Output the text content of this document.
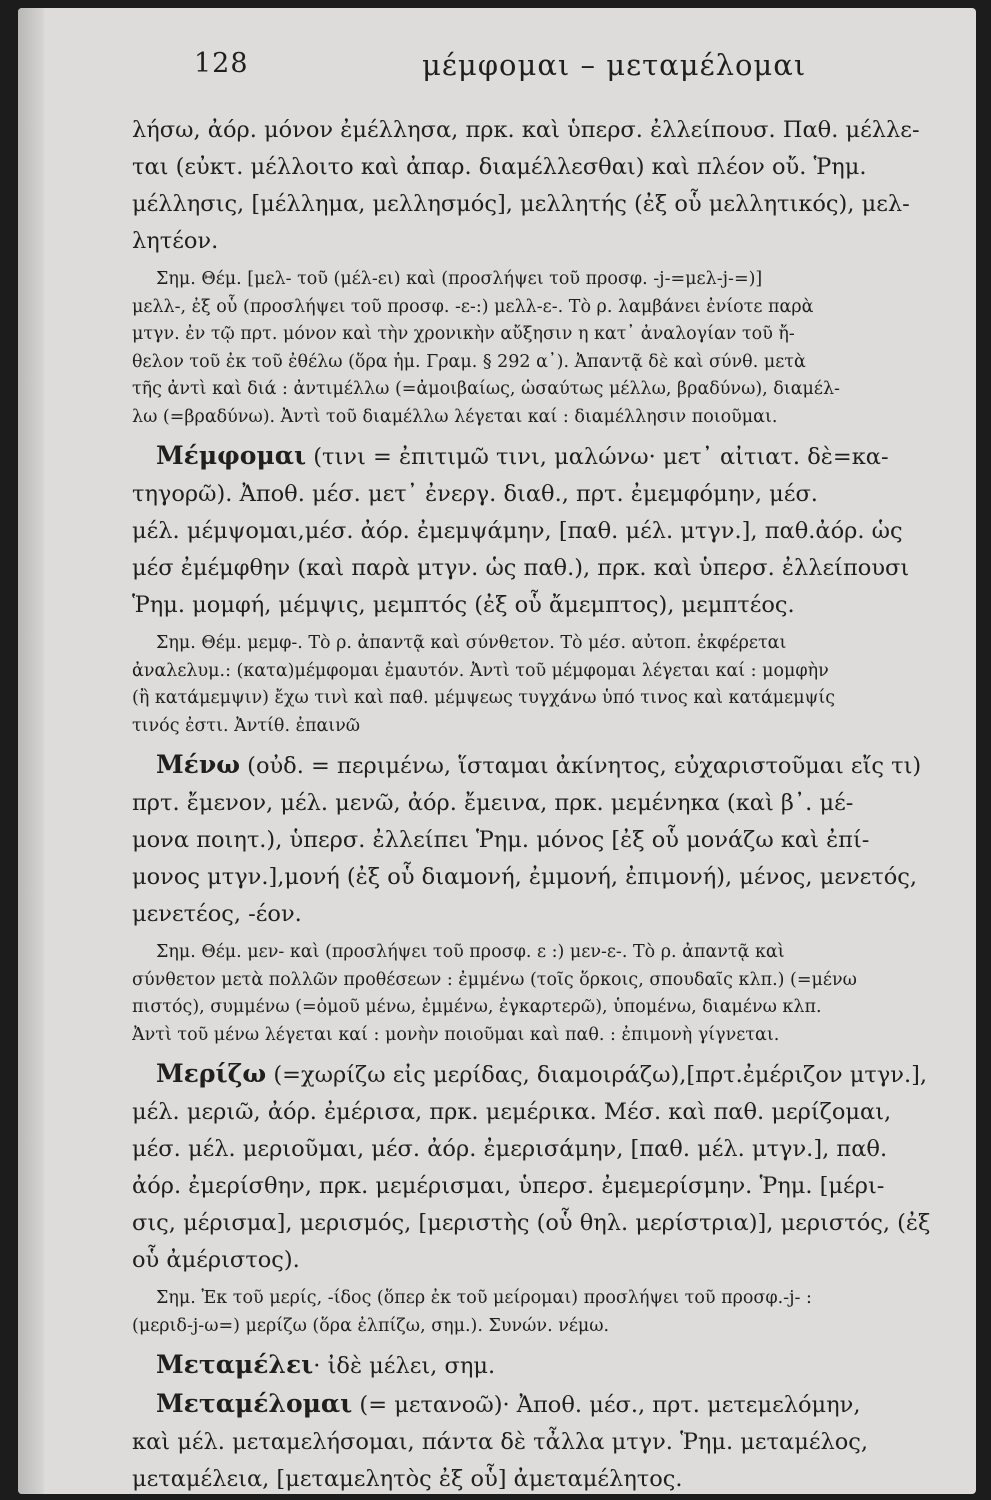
128	μέμφομαι – μεταμέλομαι
λήσω, ἀόρ. μόνον ἐμέλλησα, πρκ. καὶ ὑπερσ. ἐλλείπουσ. Παθ. μέλλε-
ται (εὐκτ. μέλλοιτο καὶ ἀπαρ. διαμέλλεσθαι) καὶ πλέον οὔ. Ῥημ.
μέλλησις, [μέλλημα, μελλησμός], μελλητής (ἐξ οὗ μελλητικός), μελ-
λητέον.
Σημ. Θέμ. [μελ- τοῦ (μέλ-ει) καὶ (προσλήψει τοῦ προσφ. -j-=μελ-j-=)]
μελλ-, ἐξ οὗ (προσλήψει τοῦ προσφ. -ε-:) μελλ-ε-. Τὸ ρ. λαμβάνει ἐνίοτε παρὰ
μτγν. ἐν τῷ πρτ. μόνον καὶ τὴν χρονικὴν αὔξησιν η κατ᾽ ἀναλογίαν τοῦ ἤ-
θελον τοῦ ἐκ τοῦ ἐθέλω (ὅρα ἡμ. Γραμ. § 292 α᾽). Ἀπαντᾷ δὲ καὶ σύνθ. μετὰ
τῆς ἀντὶ καὶ διά : ἀντιμέλλω (=ἀμοιβαίως, ὡσαύτως μέλλω, βραδύνω), διαμέλ-
λω (=βραδύνω). Ἀντὶ τοῦ διαμέλλω λέγεται καί : διαμέλλησιν ποιοῦμαι.
Μέμφομαι (τινι = ἐπιτιμῶ τινι, μαλώνω· μετ᾽ αἰτιατ. δὲ=κα-
τηγορῶ). Ἀποθ. μέσ. μετ᾽ ἐνεργ. διαθ., πρτ. ἐμεμφόμην, μέσ.
μέλ. μέμψομαι,μέσ. ἀόρ. ἐμεμψάμην, [παθ. μέλ. μτγν.], παθ.ἀόρ. ὡς
μέσ ἐμέμφθην (καὶ παρὰ μτγν. ὡς παθ.), πρκ. καὶ ὑπερσ. ἐλλείπουσι
Ῥημ. μομφή, μέμψις, μεμπτός (ἐξ οὗ ἄμεμπτος), μεμπτέος.
Σημ. Θέμ. μεμφ-. Τὸ ρ. ἀπαντᾷ καὶ σύνθετον. Τὸ μέσ. αὐτοπ. ἐκφέρεται
ἀναλελυμ.: (κατα)μέμφομαι ἐμαυτόν. Ἀντὶ τοῦ μέμφομαι λέγεται καί : μομφὴν
(ἢ κατάμεμψιν) ἔχω τινὶ καὶ παθ. μέμψεως τυγχάνω ὑπό τινος καὶ κατάμεμψίς
τινός ἐστι. Ἀντίθ. ἐπαινῶ
Μένω (οὐδ. = περιμένω, ἵσταμαι ἀκίνητος, εὐχαριστοῦμαι εἴς τι)
πρτ. ἔμενον, μέλ. μενῶ, ἀόρ. ἔμεινα, πρκ. μεμένηκα (καὶ β᾽. μέ-
μονα ποιητ.), ὑπερσ. ἐλλείπει Ῥημ. μόνος [ἐξ οὗ μονάζω καὶ ἐπί-
μονος μτγν.],μονή (ἐξ οὗ διαμονή, ἐμμονή, ἐπιμονή), μένος, μενετός,
μενετέος, -έον.
Σημ. Θέμ. μεν- καὶ (προσλήψει τοῦ προσφ. ε :) μεν-ε-. Τὸ ρ. ἀπαντᾷ καὶ
σύνθετον μετὰ πολλῶν προθέσεων : ἐμμένω (τοῖς ὅρκοις, σπουδαῖς κλπ.) (=μένω
πιστός), συμμένω (=ὁμοῦ μένω, ἐμμένω, ἐγκαρτερῶ), ὑπομένω, διαμένω κλπ.
Ἀντὶ τοῦ μένω λέγεται καί : μονὴν ποιοῦμαι καὶ παθ. : ἐπιμονὴ γίγνεται.
Μερίζω (=χωρίζω εἰς μερίδας, διαμοιράζω),[πρτ.ἐμέριζον μτγν.],
μέλ. μεριῶ, ἀόρ. ἐμέρισα, πρκ. μεμέρικα. Μέσ. καὶ παθ. μερίζομαι,
μέσ. μέλ. μεριοῦμαι, μέσ. ἀόρ. ἐμερισάμην, [παθ. μέλ. μτγν.], παθ.
ἀόρ. ἐμερίσθην, πρκ. μεμέρισμαι, ὑπερσ. ἐμεμερίσμην. Ῥημ. [μέρι-
σις, μέρισμα], μερισμός, [μεριστὴς (οὗ θηλ. μερίστρια)], μεριστός, (ἐξ
οὗ ἀμέριστος).
Σημ. Ἐκ τοῦ μερίς, -ίδος (ὅπερ ἐκ τοῦ μείρομαι) προσλήψει τοῦ προσφ.-j- :
(μεριδ-j-ω=) μερίζω (ὅρα ἐλπίζω, σημ.). Συνών. νέμω.
Μεταμέλει· ἰδὲ μέλει, σημ.
Μεταμέλομαι (= μετανοῶ)· Ἀποθ. μέσ., πρτ. μετεμελόμην,
καὶ μέλ. μεταμελήσομαι, πάντα δὲ τἆλλα μτγν. Ῥημ. μεταμέλος,
μεταμέλεια, [μεταμελητὸς ἐξ οὗ] ἀμεταμέλητος.
